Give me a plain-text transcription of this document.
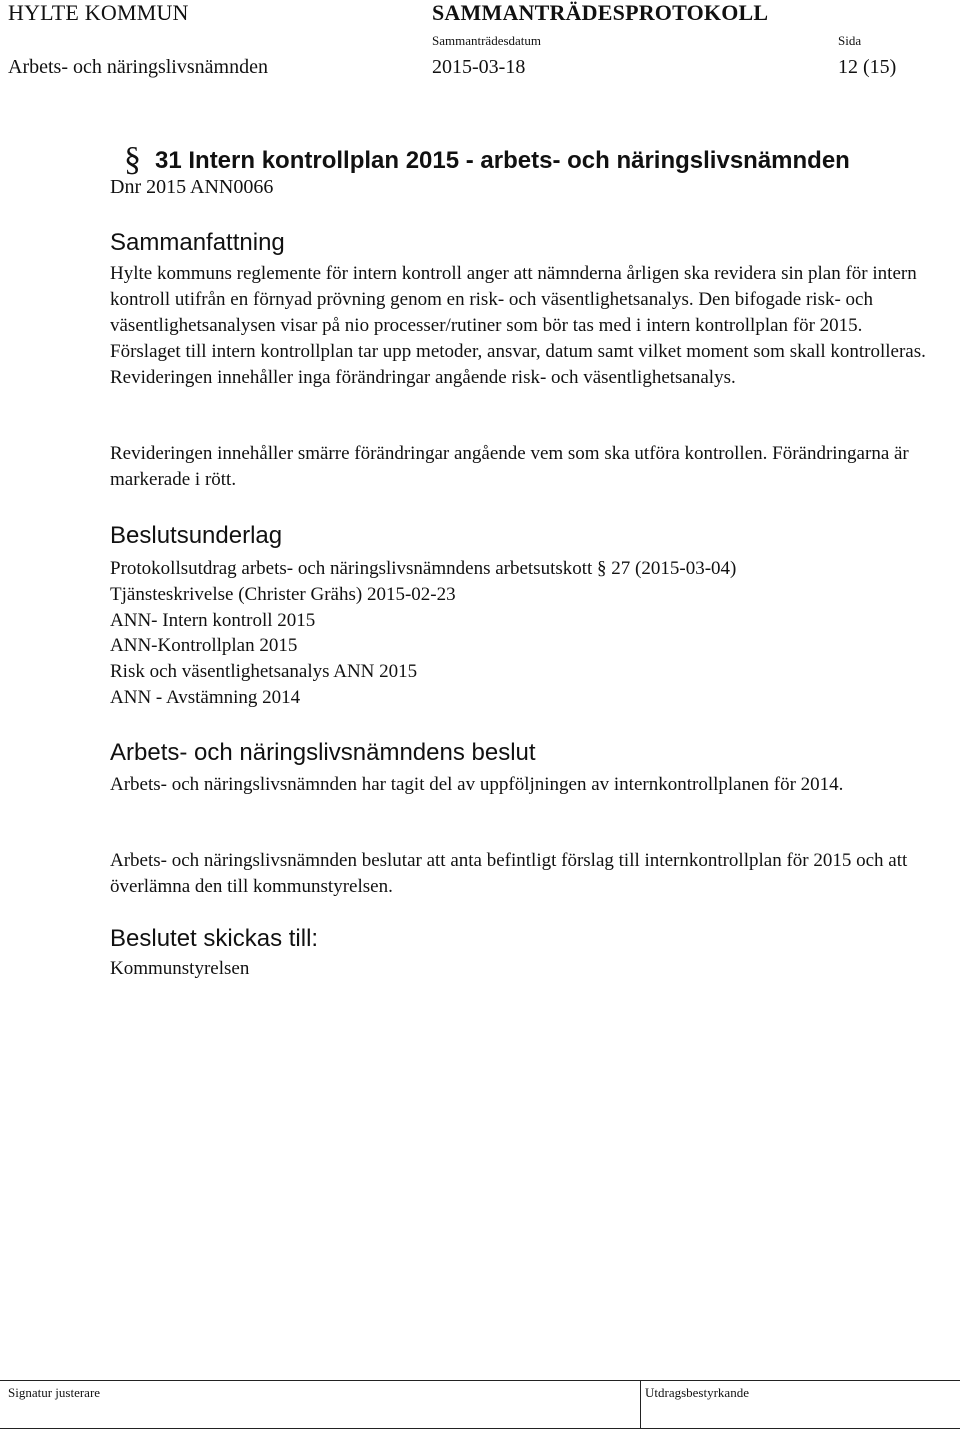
HYLTE KOMMUN	SAMMANTRÄDESPROTOKOLL
Sammanträdesdatum	Sida
Arbets- och näringslivsnämnden	2015-03-18	12 (15)
§ 31 Intern kontrollplan 2015 - arbets- och näringslivsnämnden
Dnr 2015 ANN0066
Sammanfattning
Hylte kommuns reglemente för intern kontroll anger att nämnderna årligen ska revidera sin plan för intern kontroll utifrån en förnyad prövning genom en risk- och väsentlighetsanalys. Den bifogade risk- och väsentlighetsanalysen visar på nio processer/rutiner som bör tas med i intern kontrollplan för 2015. Förslaget till intern kontrollplan tar upp metoder, ansvar, datum samt vilket moment som skall kontrolleras. Revideringen innehåller inga förändringar angående risk- och väsentlighetsanalys.
Revideringen innehåller smärre förändringar angående vem som ska utföra kontrollen. Förändringarna är markerade i rött.
Beslutsunderlag
Protokollsutdrag arbets- och näringslivsnämndens arbetsutskott § 27 (2015-03-04)
Tjänsteskrivelse (Christer Grähs) 2015-02-23
ANN- Intern kontroll 2015
ANN-Kontrollplan 2015
Risk och väsentlighetsanalys ANN 2015
ANN - Avstämning 2014
Arbets- och näringslivsnämndens beslut
Arbets- och näringslivsnämnden har tagit del av uppföljningen av internkontrollplanen för 2014.
Arbets- och näringslivsnämnden beslutar att anta befintligt förslag till internkontrollplan för 2015 och att överlämna den till kommunstyrelsen.
Beslutet skickas till:
Kommunstyrelsen
Signatur justerare	Utdragsbestyrkande
